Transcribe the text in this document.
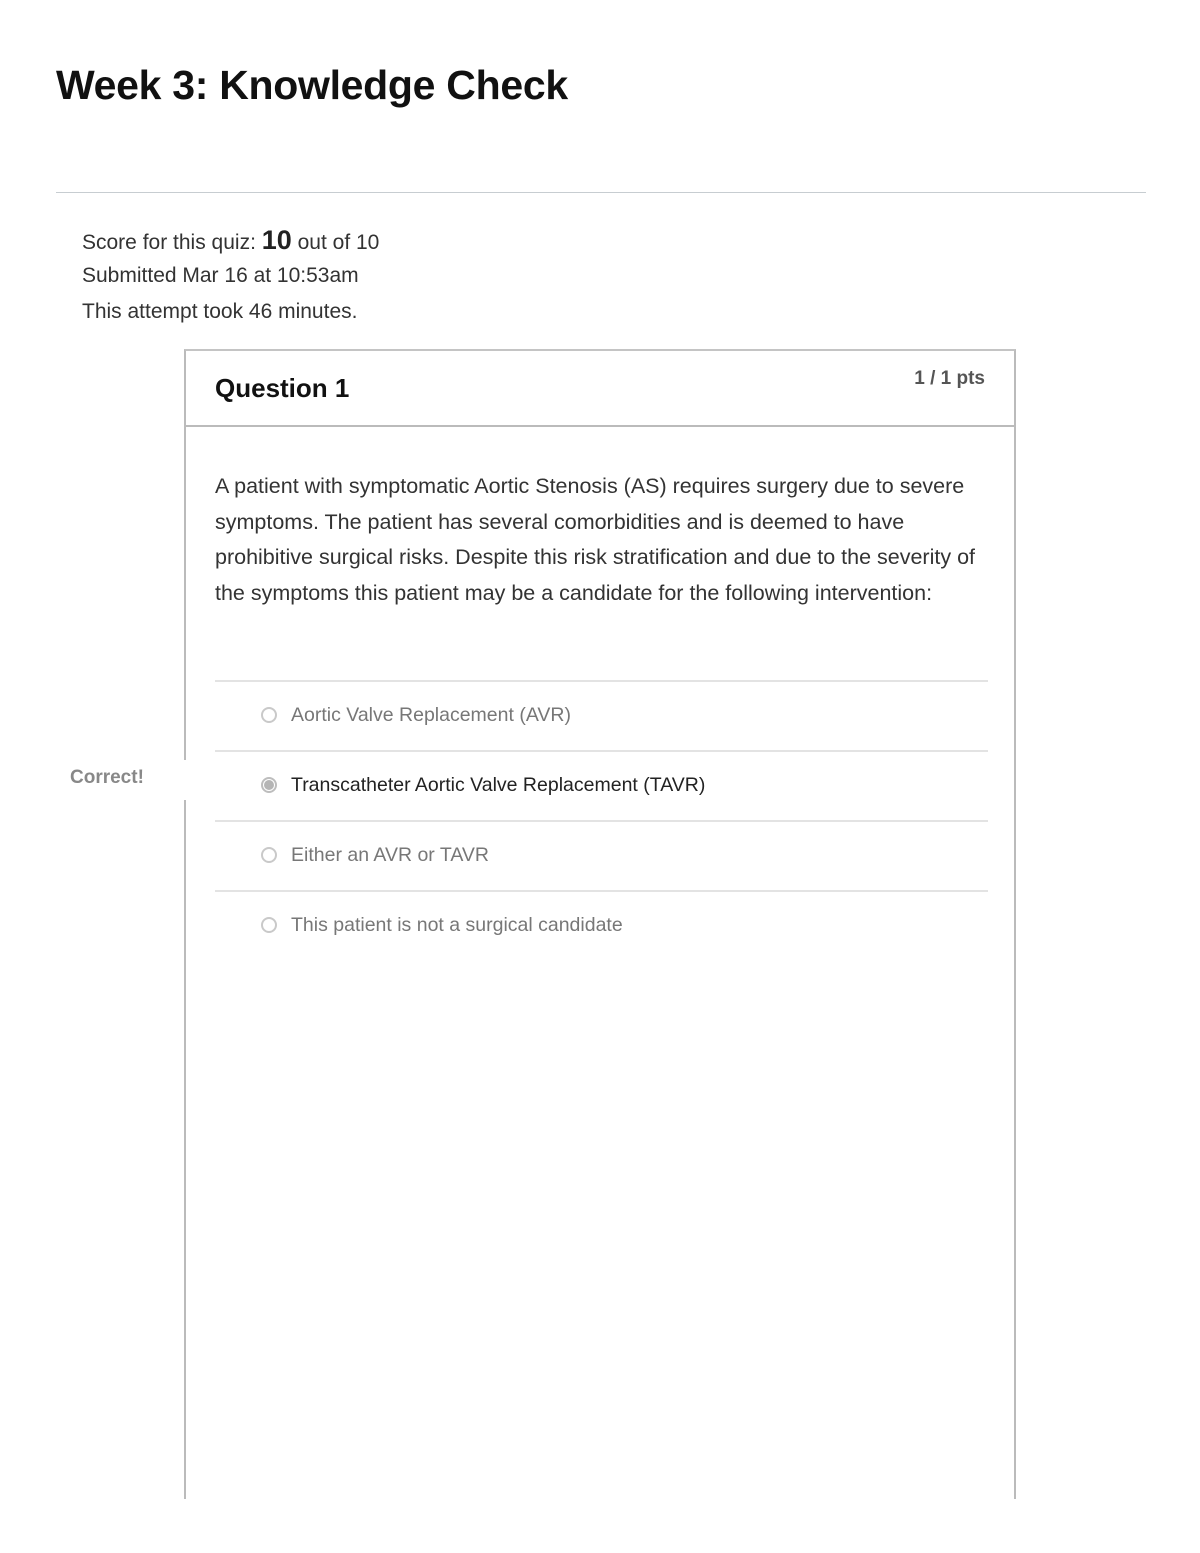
Week 3: Knowledge Check
Score for this quiz: 10 out of 10
Submitted Mar 16 at 10:53am
This attempt took 46 minutes.
Question 1	1 / 1 pts

A patient with symptomatic Aortic Stenosis (AS) requires surgery due to severe symptoms. The patient has several comorbidities and is deemed to have prohibitive surgical risks. Despite this risk stratification and due to the severity of the symptoms this patient may be a candidate for the following intervention:

Aortic Valve Replacement (AVR)
Transcatheter Aortic Valve Replacement (TAVR)
Either an AVR or TAVR
This patient is not a surgical candidate
Correct!
